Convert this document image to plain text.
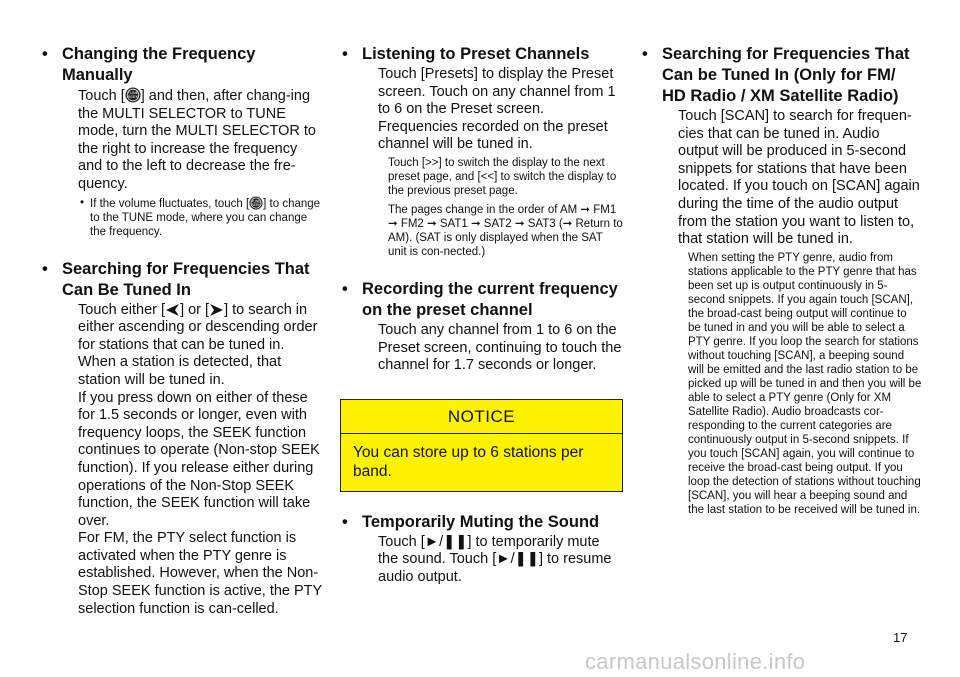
• Changing the Frequency Manually
Touch [ TUNE
SEEK ] and then, after chang-ing the MULTI SELECTOR to TUNE mode, turn the MULTI SELECTOR to the right to increase the frequency and to the left to decrease the fre-quency.
• If the volume fluctuates, touch [ TUNE
SEEK ] to change to the TUNE mode, where you can change the frequency.
• Searching for Frequencies That Can Be Tuned In
Touch either [ ] or [ ] to search in either ascending or descending order for stations that can be tuned in. When a station is detected, that station will be tuned in.
If you press down on either of these for 1.5 seconds or longer, even with frequency loops, the SEEK function continues to operate (Non-stop SEEK function). If you release either during operations of the Non-Stop SEEK function, the SEEK function will take over.
For FM, the PTY select function is activated when the PTY genre is established. However, when the Non-Stop SEEK function is active, the PTY selection function is can-celled.
• Listening to Preset Channels
Touch [Presets] to display the Preset screen. Touch on any channel from 1 to 6 on the Preset screen. Frequencies recorded on the preset channel will be tuned in.

Touch [>>] to switch the display to the next preset page, and [<<] to switch the display to the previous preset page.

The pages change in the order of AM ➞ FM1 ➞ FM2 ➞ SAT1 ➞ SAT2 ➞ SAT3 (➞ Return to AM). (SAT is only displayed when the SAT unit is con-nected.)

• Recording the current frequency on the preset channel
Touch any channel from 1 to 6 on the Preset screen, continuing to touch the channel for 1.7 seconds or longer.
NOTICE
You can store up to 6 stations per band.
• Temporarily Muting the Sound
Touch [►/❚❚] to temporarily mute the sound. Touch [►/❚❚] to resume audio output.
• Searching for Frequencies That Can be Tuned In (Only for FM/ HD Radio / XM Satellite Radio)
Touch [SCAN] to search for frequen-cies that can be tuned in. Audio output will be produced in 5-second snippets for stations that have been located. If you touch on [SCAN] again during the time of the audio output from the station you want to listen to, that station will be tuned in.

When setting the PTY genre, audio from stations applicable to the PTY genre that has been set up is output continuously in 5-second snippets. If you again touch [SCAN], the broad-cast being output will continue to be tuned in and you will be able to select a PTY genre. If you loop the search for stations without touching [SCAN], a beeping sound will be emitted and the last radio station to be picked up will be tuned in and then you will be able to select a PTY genre (Only for XM Satellite Radio). Audio broadcasts cor-responding to the current categories are continuously output in 5-second snippets. If you touch [SCAN] again, you will continue to receive the broad-cast being output. If you loop the detection of stations without touching [SCAN], you will hear a beeping sound and the last station to be received will be tuned in.

17
carmanualsonline.info
